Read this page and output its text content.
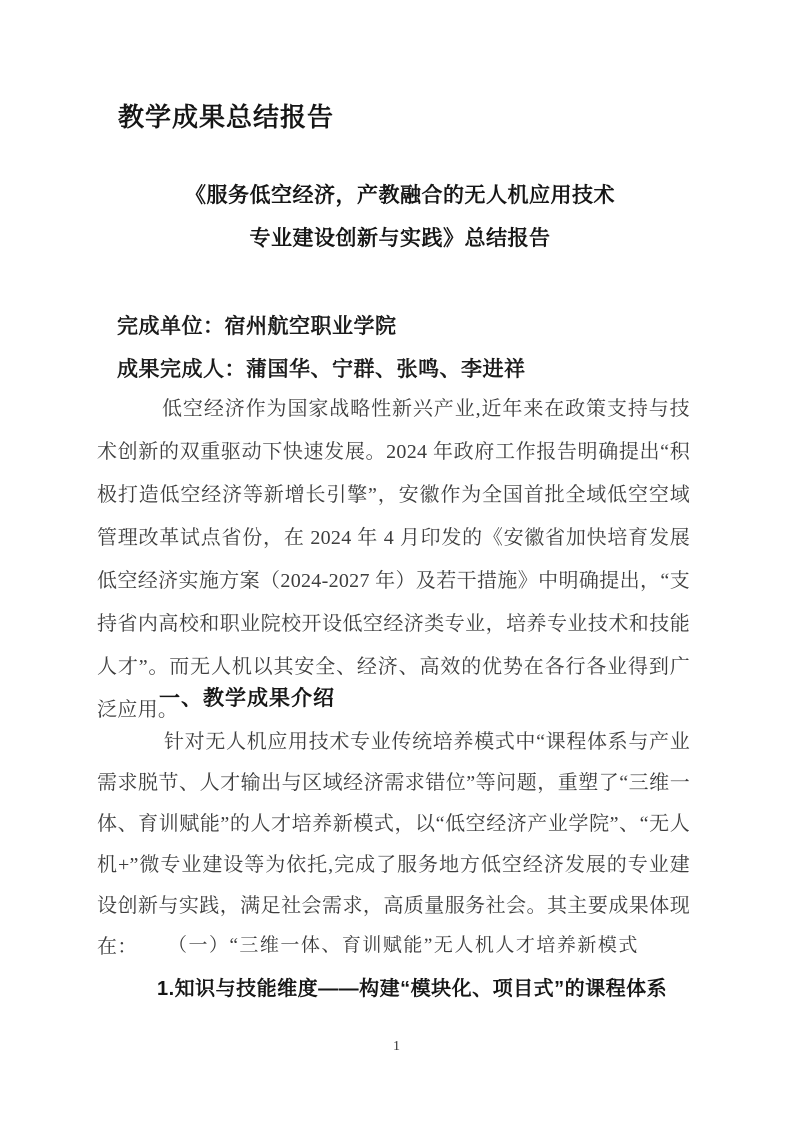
教学成果总结报告
《服务低空经济，产教融合的无人机应用技术
专业建设创新与实践》总结报告

完成单位：宿州航空职业学院

成果完成人：蒲国华、宁群、张鸣、李进祥

低空经济作为国家战略性新兴产业,近年来在政策支持与技术创新的双重驱动下快速发展。2024 年政府工作报告明确提出“积极打造低空经济等新增长引擎”，安徽作为全国首批全域低空空域管理改革试点省份，在 2024 年 4 月印发的《安徽省加快培育发展低空经济实施方案（2024-2027 年）及若干措施》中明确提出，“支持省内高校和职业院校开设低空经济类专业，培养专业技术和技能人才”。而无人机以其安全、经济、高效的优势在各行各业得到广泛应用。

一、教学成果介绍

针对无人机应用技术专业传统培养模式中“课程体系与产业需求脱节、人才输出与区域经济需求错位”等问题，重塑了“三维一体、育训赋能”的人才培养新模式，以“低空经济产业学院”、“无人机+”微专业建设等为依托,完成了服务地方低空经济发展的专业建设创新与实践，满足社会需求，高质量服务社会。其主要成果体现在：	（一）“三维一体、育训赋能”无人机人才培养新模式

1.知识与技能维度——构建“模块化、项目式”的课程体系

1
